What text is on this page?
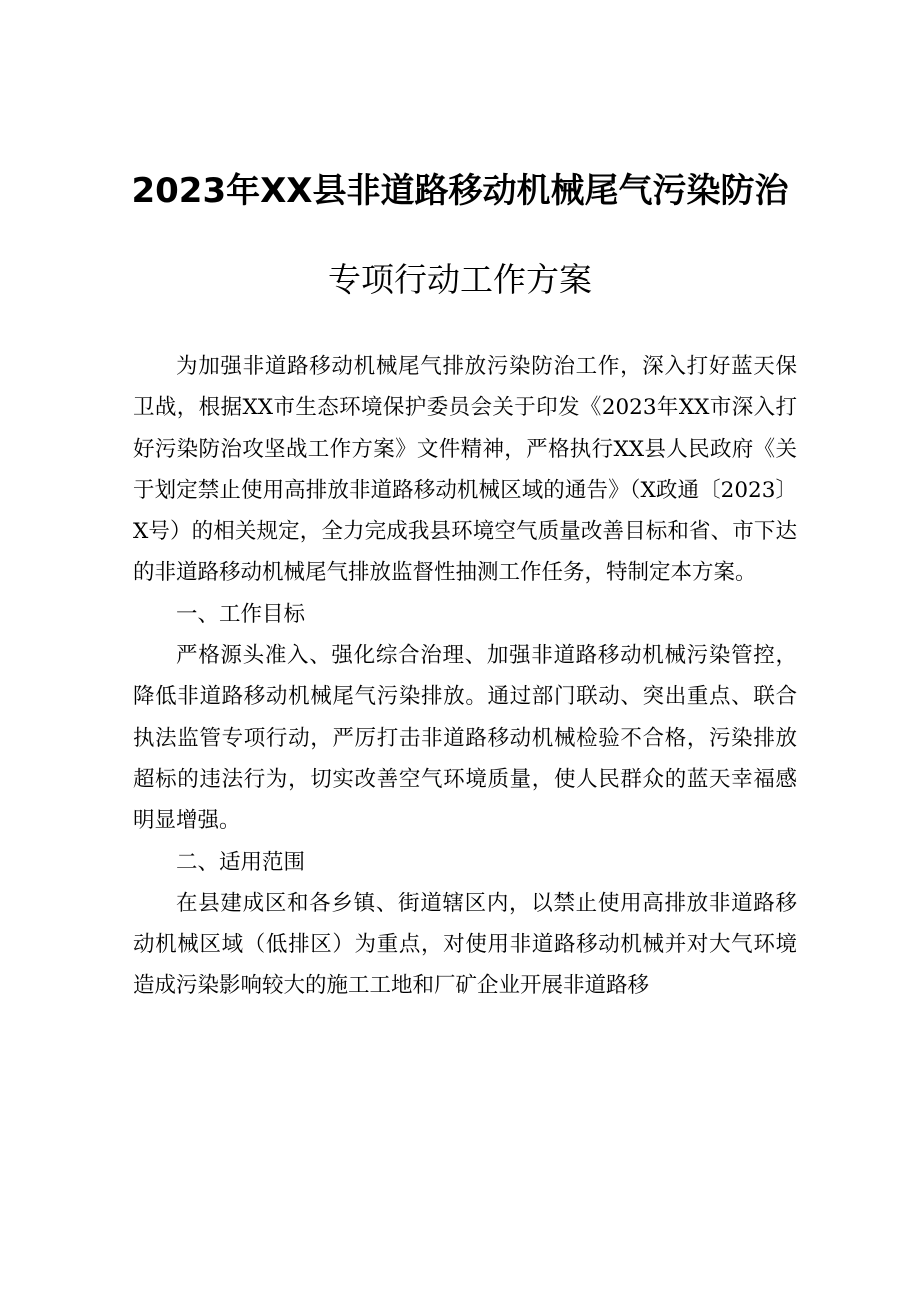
2023年XX县非道路移动机械尾气污染防治
专项行动工作方案

为加强非道路移动机械尾气排放污染防治工作，深入打好蓝天保卫战，根据XX市生态环境保护委员会关于印发《2023年XX市深入打好污染防治攻坚战工作方案》文件精神，严格执行XX县人民政府《关于划定禁止使用高排放非道路移动机械区域的通告》（X政通〔2023〕X号）的相关规定，全力完成我县环境空气质量改善目标和省、市下达的非道路移动机械尾气排放监督性抽测工作任务，特制定本方案。

一、工作目标

严格源头准入、强化综合治理、加强非道路移动机械污染管控，降低非道路移动机械尾气污染排放。通过部门联动、突出重点、联合执法监管专项行动，严厉打击非道路移动机械检验不合格，污染排放超标的违法行为，切实改善空气环境质量，使人民群众的蓝天幸福感明显增强。

二、适用范围

在县建成区和各乡镇、街道辖区内，以禁止使用高排放非道路移动机械区域（低排区）为重点，对使用非道路移动机械并对大气环境造成污染影响较大的施工工地和厂矿企业开展非道路移
